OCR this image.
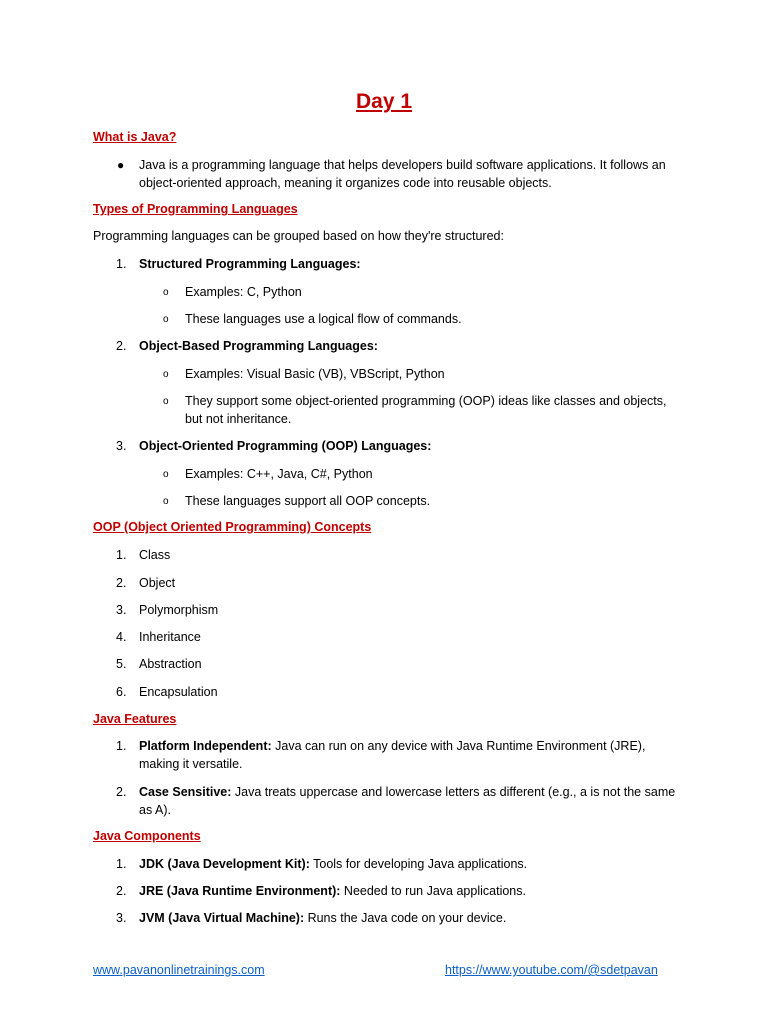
Day 1
What is Java?
● Java is a programming language that helps developers build software applications. It follows an object-oriented approach, meaning it organizes code into reusable objects.
Types of Programming Languages
Programming languages can be grouped based on how they're structured:
1.	Structured Programming Languages:
o Examples: C, Python
o These languages use a logical flow of commands.
2.	Object-Based Programming Languages:
o Examples: Visual Basic (VB), VBScript, Python
o They support some object-oriented programming (OOP) ideas like classes and objects, but not inheritance.
3.	Object-Oriented Programming (OOP) Languages:
o Examples: C++, Java, C#, Python
o These languages support all OOP concepts.
OOP (Object Oriented Programming) Concepts
1.	Class
2.	Object
3.	Polymorphism
4.	Inheritance
5.	Abstraction
6.	Encapsulation
Java Features
1.	Platform Independent: Java can run on any device with Java Runtime Environment (JRE), making it versatile.
2.	Case Sensitive: Java treats uppercase and lowercase letters as different (e.g., a is not the same as A).
Java Components
1.	JDK (Java Development Kit): Tools for developing Java applications.
2.	JRE (Java Runtime Environment): Needed to run Java applications.
3.	JVM (Java Virtual Machine): Runs the Java code on your device.
www.pavanonlinetrainings.com	https://www.youtube.com/@sdetpavan
